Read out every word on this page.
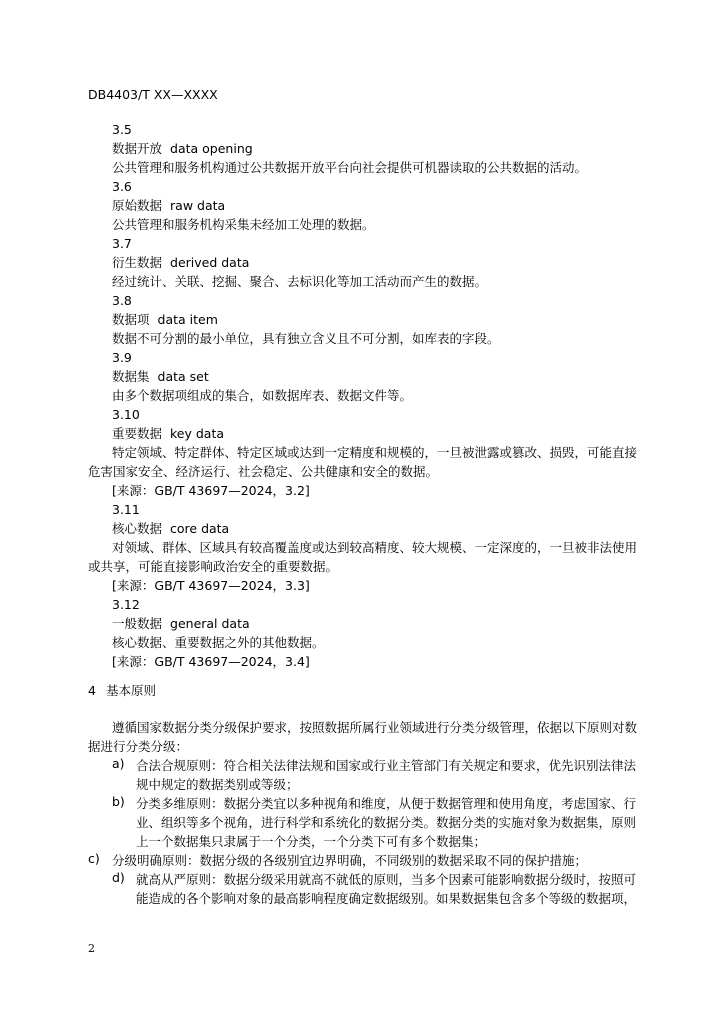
DB4403/T XX—XXXX
3.5
数据开放 data opening
公共管理和服务机构通过公共数据开放平台向社会提供可机器读取的公共数据的活动。
3.6
原始数据 raw data
公共管理和服务机构采集未经加工处理的数据。
3.7
衍生数据 derived data
经过统计、关联、挖掘、聚合、去标识化等加工活动而产生的数据。
3.8
数据项 data item
数据不可分割的最小单位，具有独立含义且不可分割，如库表的字段。
3.9
数据集 data set
由多个数据项组成的集合，如数据库表、数据文件等。
3.10
重要数据 key data
特定领域、特定群体、特定区域或达到一定精度和规模的，一旦被泄露或篡改、损毁，可能直接
危害国家安全、经济运行、社会稳定、公共健康和安全的数据。
[来源：GB/T 43697—2024，3.2]
3.11
核心数据 core data
对领域、群体、区域具有较高覆盖度或达到较高精度、较大规模、一定深度的，一旦被非法使用
或共享，可能直接影响政治安全的重要数据。
[来源：GB/T 43697—2024，3.3]
3.12
一般数据 general data
核心数据、重要数据之外的其他数据。
[来源：GB/T 43697—2024，3.4]
4 基本原则
遵循国家数据分类分级保护要求，按照数据所属行业领域进行分类分级管理，依据以下原则对数
据进行分类分级：
a) 合法合规原则：符合相关法律法规和国家或行业主管部门有关规定和要求，优先识别法律法
规中规定的数据类别或等级；
b) 分类多维原则：数据分类宜以多种视角和维度，从便于数据管理和使用角度，考虑国家、行
业、组织等多个视角，进行科学和系统化的数据分类。数据分类的实施对象为数据集，原则
上一个数据集只隶属于一个分类，一个分类下可有多个数据集；
c) 分级明确原则：数据分级的各级别宜边界明确，不同级别的数据采取不同的保护措施；
d) 就高从严原则：数据分级采用就高不就低的原则，当多个因素可能影响数据分级时，按照可
能造成的各个影响对象的最高影响程度确定数据级别。如果数据集包含多个等级的数据项，
2
